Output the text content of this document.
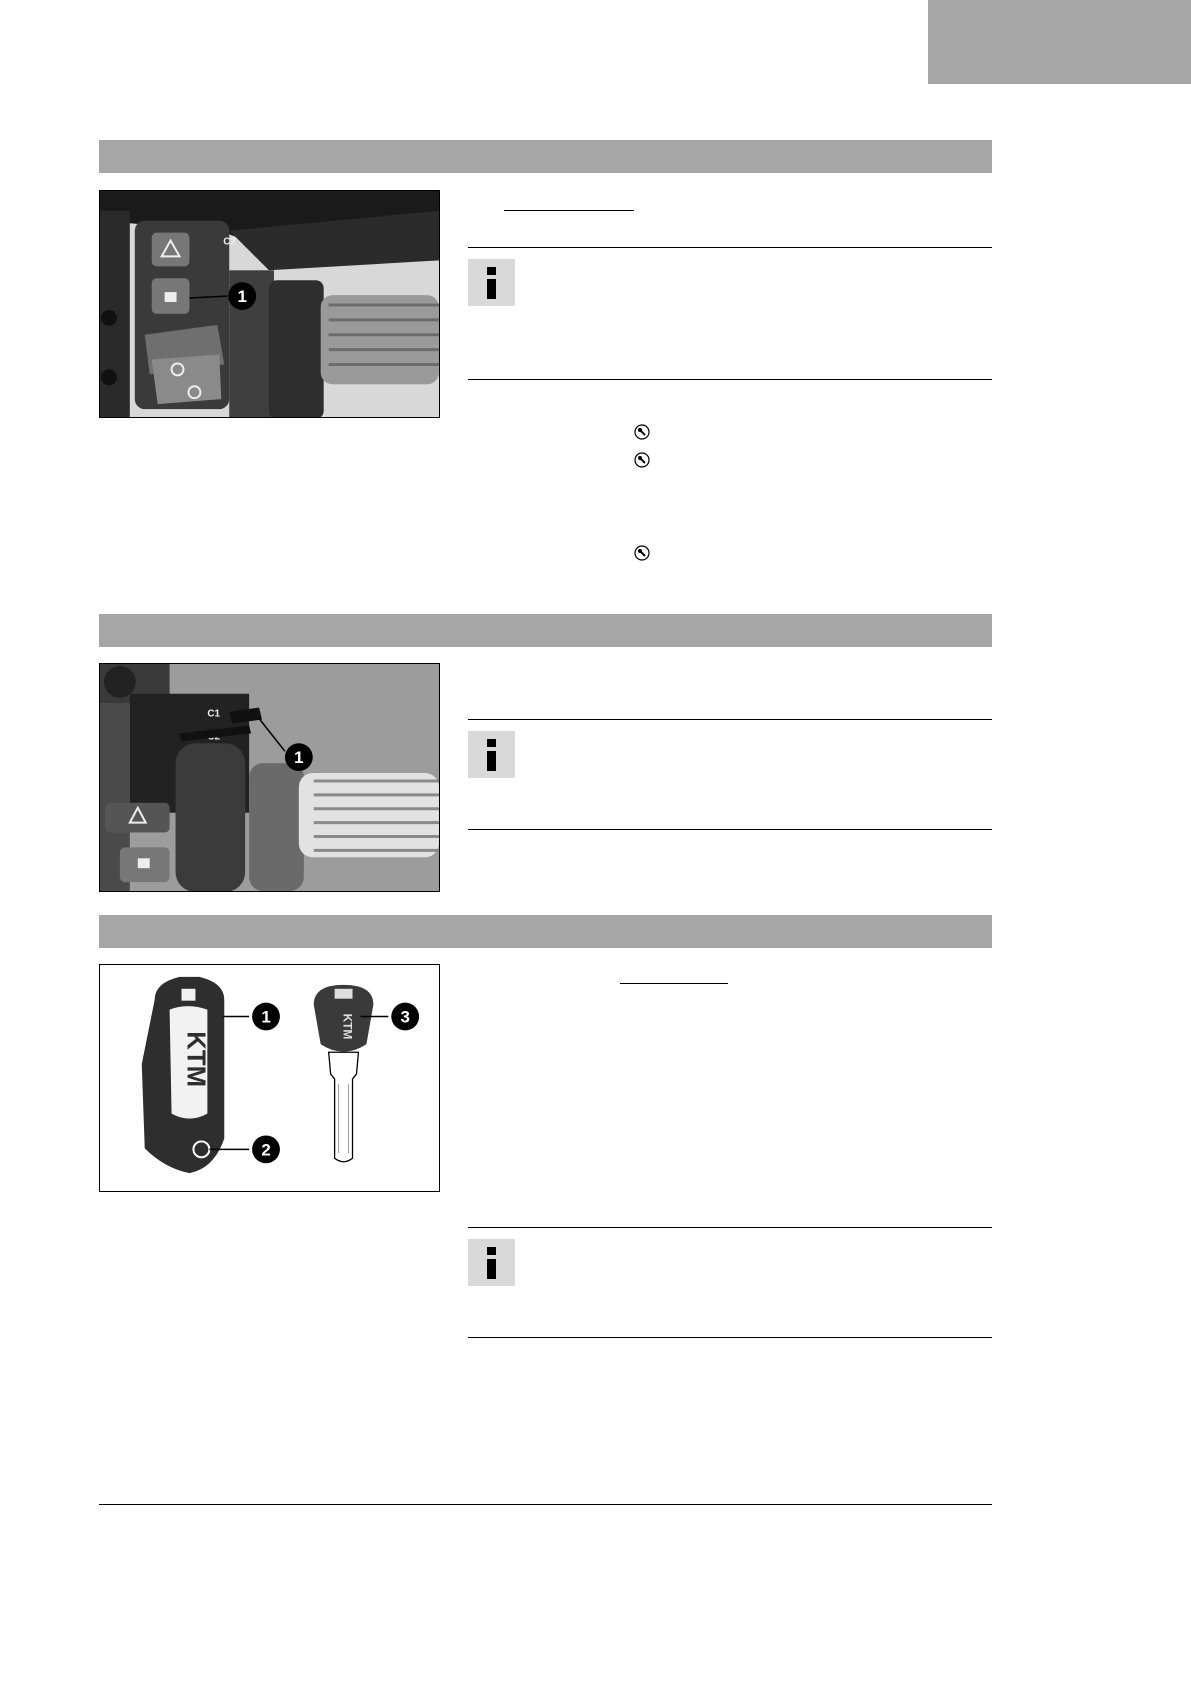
C2
1
C1
1
KTM
1
2
KTM	3
